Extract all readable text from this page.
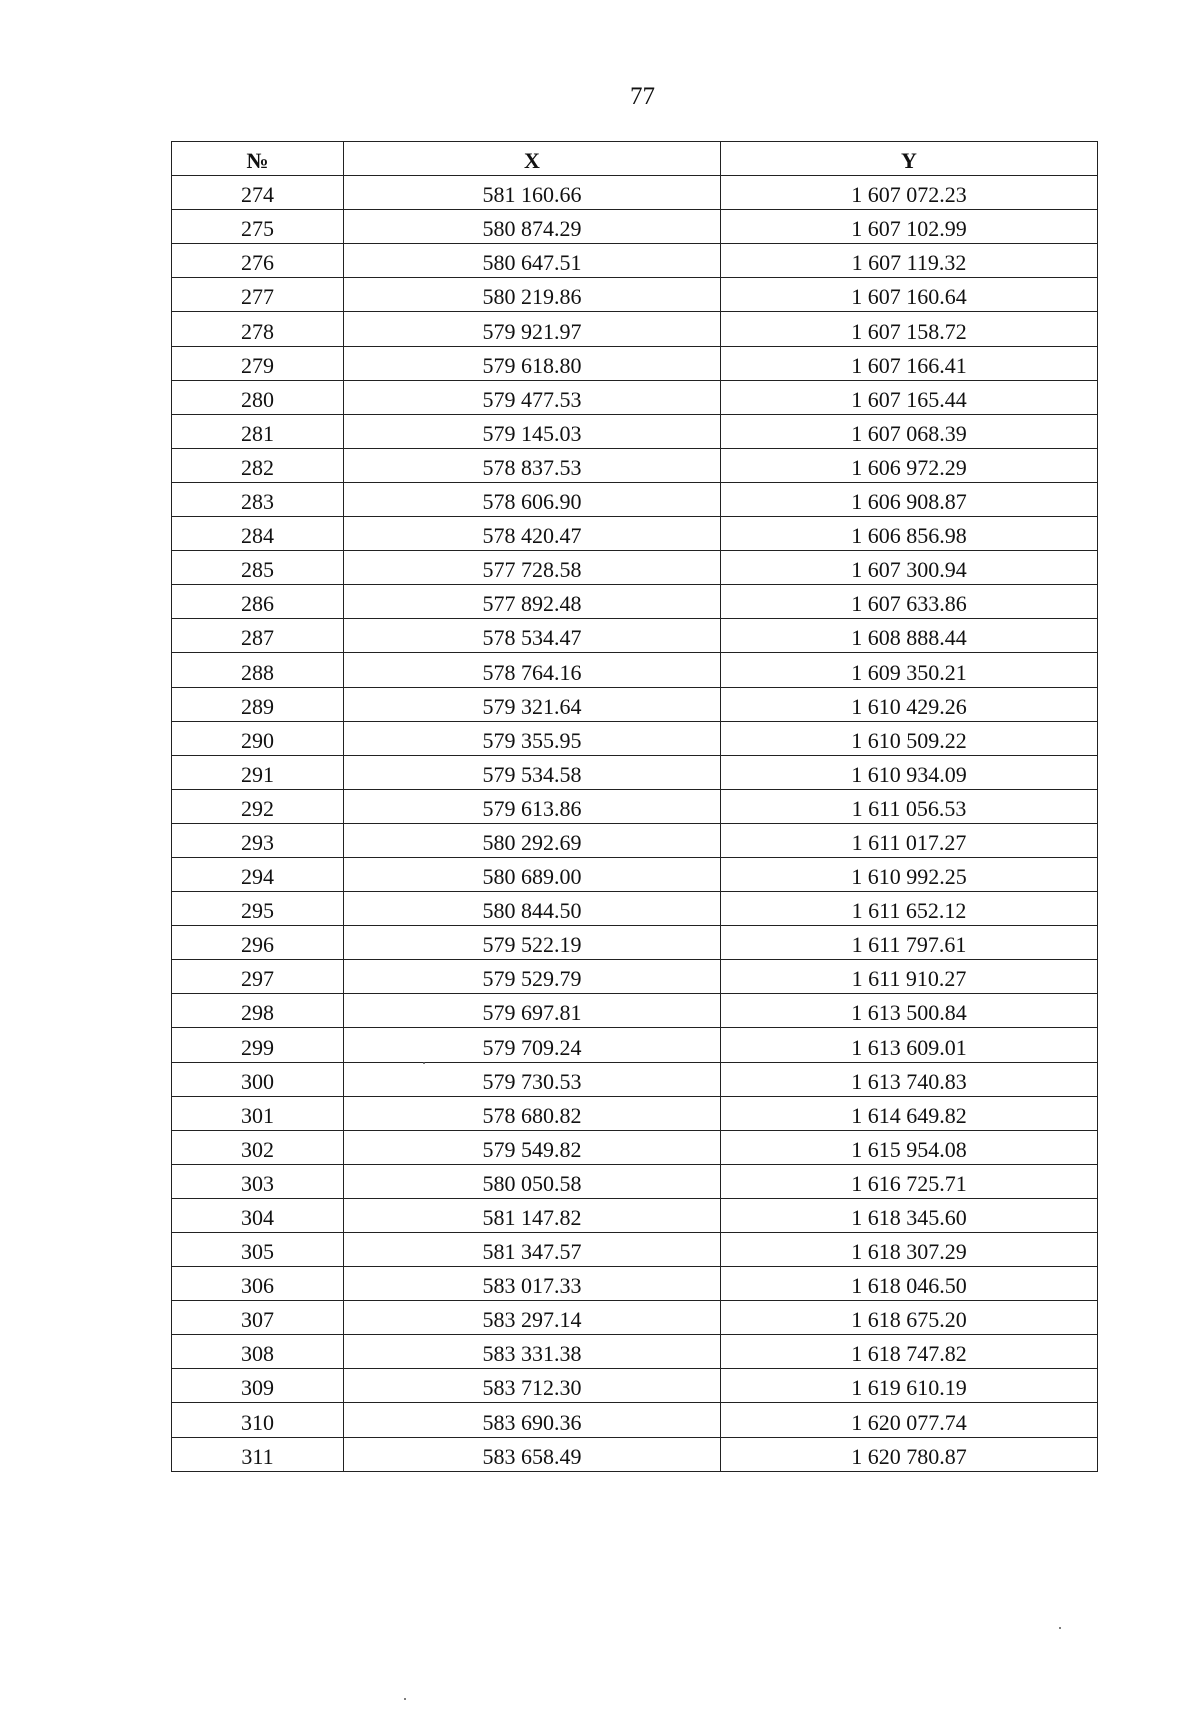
77
№	X	Y
274	581 160.66	1 607 072.23
275	580 874.29	1 607 102.99
276	580 647.51	1 607 119.32
277	580 219.86	1 607 160.64
278	579 921.97	1 607 158.72
279	579 618.80	1 607 166.41
280	579 477.53	1 607 165.44
281	579 145.03	1 607 068.39
282	578 837.53	1 606 972.29
283	578 606.90	1 606 908.87
284	578 420.47	1 606 856.98
285	577 728.58	1 607 300.94
286	577 892.48	1 607 633.86
287	578 534.47	1 608 888.44
288	578 764.16	1 609 350.21
289	579 321.64	1 610 429.26
290	579 355.95	1 610 509.22
291	579 534.58	1 610 934.09
292	579 613.86	1 611 056.53
293	580 292.69	1 611 017.27
294	580 689.00	1 610 992.25
295	580 844.50	1 611 652.12
296	579 522.19	1 611 797.61
297	579 529.79	1 611 910.27
298	579 697.81	1 613 500.84
299	579 709.24	1 613 609.01
300	579 730.53	1 613 740.83
301	578 680.82	1 614 649.82
302	579 549.82	1 615 954.08
303	580 050.58	1 616 725.71
304	581 147.82	1 618 345.60
305	581 347.57	1 618 307.29
306	583 017.33	1 618 046.50
307	583 297.14	1 618 675.20
308	583 331.38	1 618 747.82
309	583 712.30	1 619 610.19
310	583 690.36	1 620 077.74
311	583 658.49	1 620 780.87
